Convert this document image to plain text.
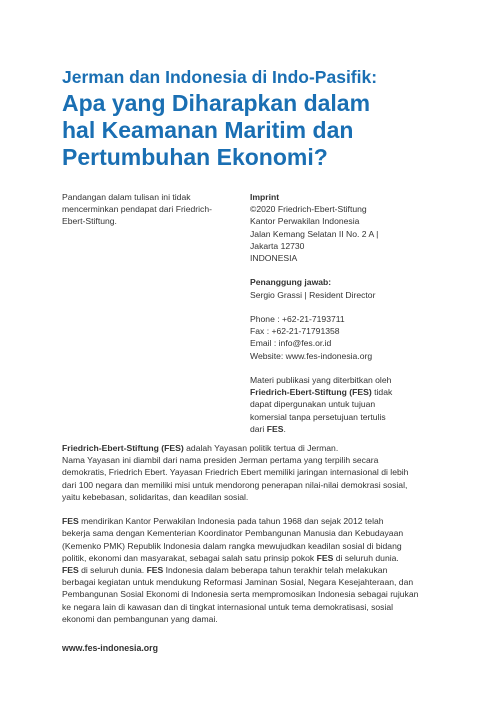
Jerman dan Indonesia di Indo-Pasifik:
Apa yang Diharapkan dalam
hal Keamanan Maritim dan
Pertumbuhan Ekonomi?
Pandangan dalam tulisan ini tidak
mencerminkan pendapat dari Friedrich-
Ebert-Stiftung.
Imprint
©2020 Friedrich-Ebert-Stiftung
Kantor Perwakilan Indonesia
Jalan Kemang Selatan II No. 2 A |
Jakarta 12730
INDONESIA
Penanggung jawab:
Sergio Grassi | Resident Director
Phone : +62-21-7193711
Fax : +62-21-71791358
Email : info@fes.or.id
Website: www.fes-indonesia.org
Materi publikasi yang diterbitkan oleh
Friedrich-Ebert-Stiftung (FES) tidak
dapat dipergunakan untuk tujuan
komersial tanpa persetujuan tertulis
dari FES.
Friedrich-Ebert-Stiftung (FES) adalah Yayasan politik tertua di Jerman.
Nama Yayasan ini diambil dari nama presiden Jerman pertama yang terpilih secara
demokratis, Friedrich Ebert. Yayasan Friedrich Ebert memiliki jaringan internasional di lebih
dari 100 negara dan memiliki misi untuk mendorong penerapan nilai-nilai demokrasi sosial,
yaitu kebebasan, solidaritas, dan keadilan sosial.
FES mendirikan Kantor Perwakilan Indonesia pada tahun 1968 dan sejak 2012 telah
bekerja sama dengan Kementerian Koordinator Pembangunan Manusia dan Kebudayaan
(Kemenko PMK) Republik Indonesia dalam rangka mewujudkan keadilan sosial di bidang
politik, ekonomi dan masyarakat, sebagai salah satu prinsip pokok FES di seluruh dunia.
FES di seluruh dunia. FES Indonesia dalam beberapa tahun terakhir telah melakukan
berbagai kegiatan untuk mendukung Reformasi Jaminan Sosial, Negara Kesejahteraan, dan
Pembangunan Sosial Ekonomi di Indonesia serta mempromosikan Indonesia sebagai rujukan
ke negara lain di kawasan dan di tingkat internasional untuk tema demokratisasi, sosial
ekonomi dan pembangunan yang damai.
www.fes-indonesia.org
